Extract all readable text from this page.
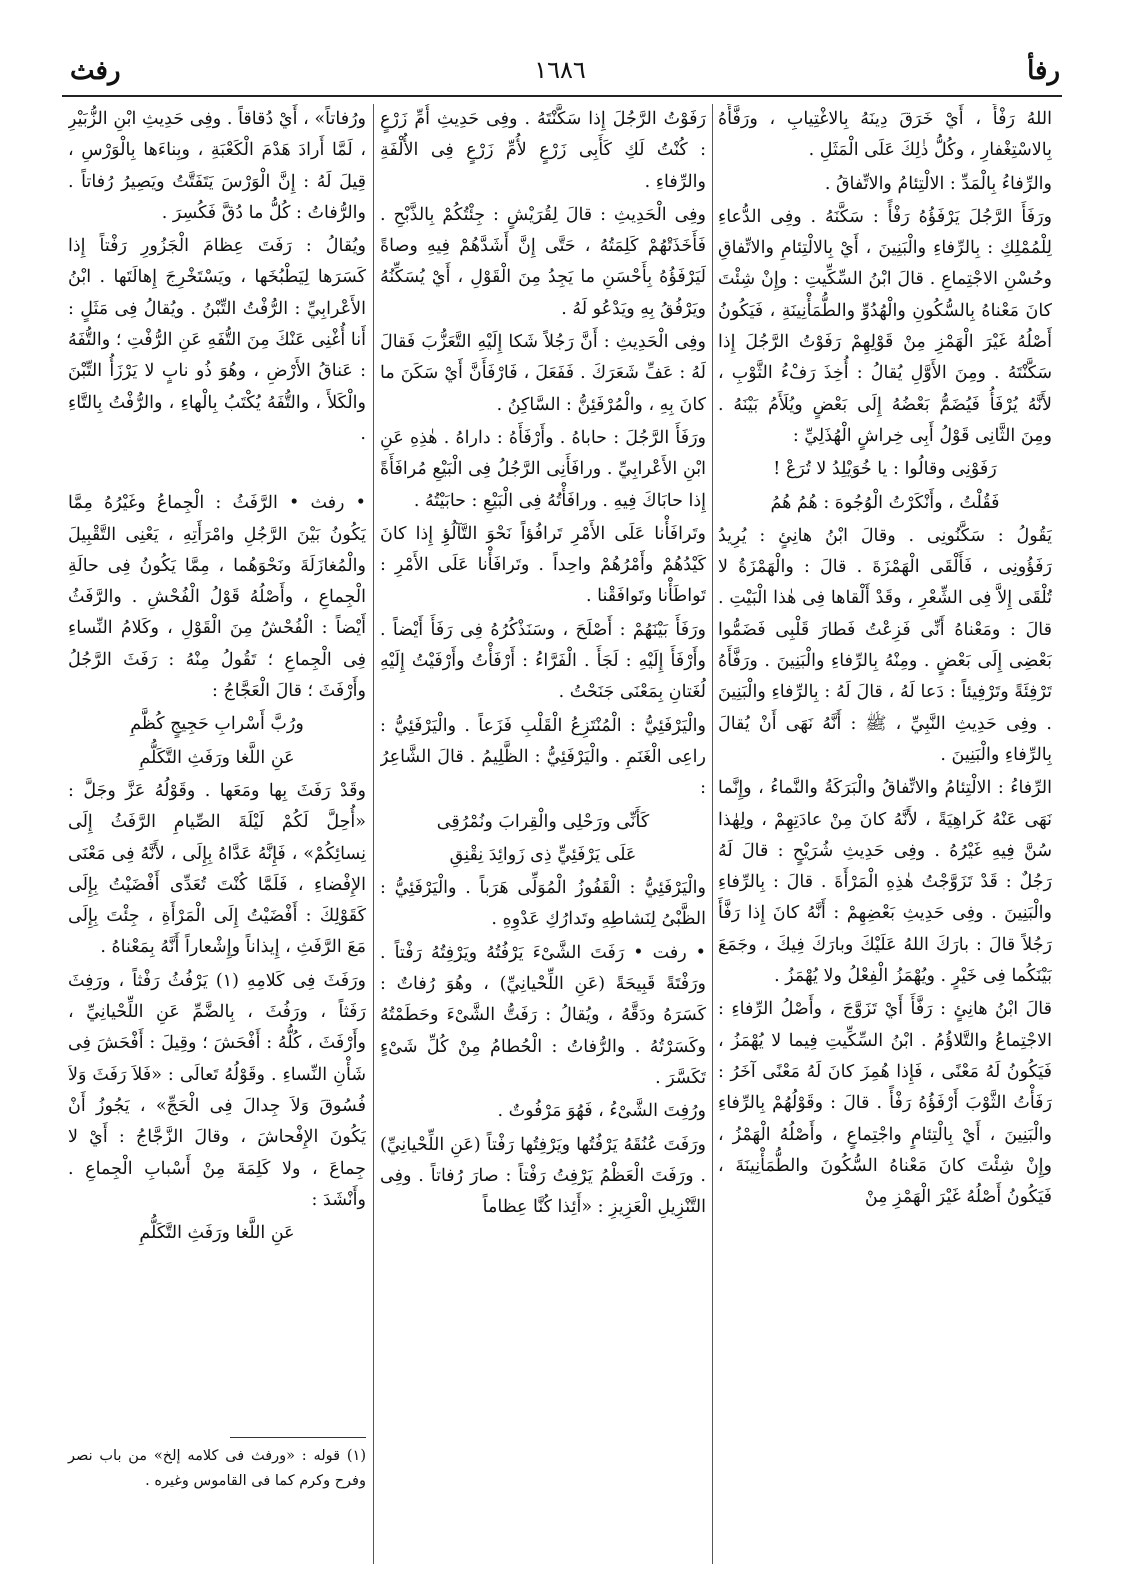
رفأ
١٦٨٦
رفث

اللهُ رَفْأً ، أَيْ خَرَقَ دِينَهُ بِالاغْتِيابِ ، ورَفَّأَهُ بِالاسْتِغْفارِ ، وكُلُّ ذٰلِكَ عَلَى الْمَثَلِ .

والرِّفاءُ بِالْمَدِّ : الالْتِئامُ والاتِّفاقُ .

ورَفَأَ الرَّجُلَ يَرْفَؤُهُ رَفْأً : سَكَّنَهُ . وفِى الدُّعاءِ لِلْمُمْلِكِ : بِالرِّفاءِ والْبَنِينَ ، أَيْ بِالالْتِئامِ والاتِّفاقِ وحُسْنِ الاجْتِماعِ . قالَ ابْنُ السِّكِّيتِ : وإِنْ شِئْتَ كانَ مَعْناهُ بِالسُّكُونِ والْهُدُوِّ والطُّمَأْنِينَةِ ، فَيَكُونُ أَصْلُهُ غَيْرَ الْهَمْزِ مِنْ قَوْلِهِمْ رَفَوْتُ الرَّجُلَ إِذا سَكَّنْتَهُ . ومِنَ الأَوَّلِ يُقالُ : أُخِذَ رَفْءُ الثَّوْبِ ، لأَنَّهُ يُرْفَأُ فَيُضَمُّ بَعْضُهُ إِلَى بَعْضٍ ويُلَأَمُ بَيْنَهُ . ومِنَ الثَّانِى قَوْلُ أَبِى خِراشٍ الْهُذَلِيِّ :

رَفَوْنِى وقالُوا : يا خُوَيْلِدُ لا تُرَعْ !

فَقُلْتُ ، وأَنْكَرْتُ الْوُجُوهَ : هُمُ هُمُ

يَقُولُ : سَكَّنُونِى . وقالَ ابْنُ هانِئٍ : يُرِيدُ رَفَؤُونِى ، فَأَلْقَى الْهَمْزَةَ . قالَ : والْهَمْزَةُ لا تُلْقَى إِلاَّ فِى الشِّعْرِ ، وقَدْ أَلْقاها فِى هٰذا الْبَيْتِ . قالَ : ومَعْناهُ أَنِّى فَزِعْتُ فَطارَ قَلْبِى فَضَمُّوا بَعْضِى إِلَى بَعْضٍ . ومِنْهُ بِالرِّفاءِ والْبَنِينَ . ورَفَّأَهُ تَرْفِئَةً وتَرْفِيئاً : دَعا لَهُ ، قالَ لَهُ : بِالرِّفاءِ والْبَنِينَ . وفِى حَدِيثِ النَّبِيِّ ، ﷺ : أَنَّهُ نَهَى أَنْ يُقالَ بِالرِّفاءِ والْبَنِينَ .

الرِّفاءُ : الالْتِئامُ والاتِّفاقُ والْبَرَكَةُ والنَّماءُ ، وإِنَّما نَهَى عَنْهُ كَراهِيَةً ، لأَنَّهُ كانَ مِنْ عادَتِهِمْ ، ولِهٰذا سُنَّ فِيهِ غَيْرُهُ . وفِى حَدِيثِ شُرَيْحٍ : قالَ لَهُ رَجُلٌ : قَدْ تَزَوَّجْتُ هٰذِهِ الْمَرْأَةَ . قالَ : بِالرِّفاءِ والْبَنِينَ . وفِى حَدِيثِ بَعْضِهِمْ : أَنَّهُ كانَ إِذا رَفَّأَ رَجُلاً قالَ : بارَكَ اللهُ عَلَيْكَ وبارَكَ فِيكَ ، وجَمَعَ بَيْنَكُما فِى خَيْرٍ . ويُهْمَزُ الْفِعْلُ ولا يُهْمَزُ .

قالَ ابْنُ هانِئٍ : رَفَّأَ أَيْ تَزَوَّجَ ، وأَصْلُ الرِّفاءِ : الاجْتِماعُ والتَّلاؤُمُ . ابْنُ السِّكِّيتِ فِيما لا يُهْمَزُ ، فَيَكُونُ لَهُ مَعْنًى ، فَإِذا هُمِزَ كانَ لَهُ مَعْنًى آخَرُ : رَفَأْتُ الثَّوْبَ أَرْفَؤُهُ رَفْأً . قالَ : وقَوْلُهُمْ بِالرِّفاءِ والْبَنِينَ ، أَيْ بِالْتِئامٍ واجْتِماعٍ ، وأَصْلُهُ الْهَمْزُ ، وإِنْ شِئْتَ كانَ مَعْناهُ السُّكُونَ والطُّمَأْنِينَةَ ، فَيَكُونُ أَصْلُهُ غَيْرَ الْهَمْزِ مِنْ

رَفَوْتُ الرَّجُلَ إِذا سَكَّنْتَهُ . وفِى حَدِيثِ أُمِّ زَرْعٍ : كُنْتُ لَكِ كَأَبِى زَرْعٍ لأُمِّ زَرْعٍ فِى الأُلْفَةِ والرِّفاءِ .

وفِى الْحَدِيثِ : قالَ لِقُرَيْشٍ : جِئْتُكُمْ بِالذَّبْحِ . فَأَخَذَتْهُمْ كَلِمَتُهُ ، حَتَّى إِنَّ أَشَدَّهُمْ فِيهِ وصاةً لَيَرْفَؤُهُ بِأَحْسَنِ ما يَجِدُ مِنَ الْقَوْلِ ، أَيْ يُسَكِّنُهُ ويَرْفُقُ بِهِ ويَدْعُو لَهُ .

وفِى الْحَدِيثِ : أَنَّ رَجُلاً شَكا إِلَيْهِ التَّعَزُّبَ فَقالَ لَهُ : عَفِّ شَعَرَكَ . فَفَعَلَ ، فَارْفَأَنَّ أَيْ سَكَنَ ما كانَ بِهِ ، والْمُرْفَئِنُّ : السَّاكِنُ .

ورَفَأَ الرَّجُلَ : حاباهُ . وأَرْفَأَهُ : داراهُ . هٰذِهِ عَنِ ابْنِ الأَعْرابِيِّ . ورافَأَنِى الرَّجُلُ فِى الْبَيْعِ مُرافَأَةً إِذا حابَاكَ فِيهِ . ورافَأْتُهُ فِى الْبَيْعِ : حابَيْتُهُ .

وتَرافَأْنا عَلَى الأَمْرِ تَرافُؤاً نَحْوَ التَّآلُؤِ إِذا كانَ كَيْدُهُمْ وأَمْرُهُمْ واحِداً . وتَرافَأْنا عَلَى الأَمْرِ : تَواطَأْنا وتَوافَقْنا .

ورَفَأَ بَيْنَهُمْ : أَصْلَحَ ، وسَنَذْكُرُهُ فِى رَفَأَ أَيْضاً . وأَرْفَأَ إِلَيْهِ : لَجَأَ . الْفَرَّاءُ : أَرْفَأْتُ وأَرْفَيْتُ إِلَيْهِ لُغَتانِ بِمَعْنَى جَنَحْتُ .

والْيَرْفَئِيُّ : الْمُنْتَزِعُ الْقَلْبِ فَزَعاً . والْيَرْفَئِيُّ : راعِى الْغَنَمِ . والْيَرْفَئِيُّ : الظَّلِيمُ . قالَ الشَّاعِرُ :

كَأَنِّى ورَحْلِى والْقِرابَ ونُمْرُقِى

عَلَى يَرْفَئِيٍّ ذِى زَوائِدَ نِقْنِقِ

والْيَرْفَئِيُّ : الْقَفُوزُ الْمُوَلِّى هَرَباً . والْيَرْفَئِيُّ : الظَّبْىُ لِنَشاطِهِ وتَدارُكِ عَدْوِهِ .

• رفت • رَفَتَ الشَّىْءَ يَرْفُتُهُ ويَرْفِتُهُ رَفْتاً . ورَفْتَةً قَبِيحَةً (عَنِ اللِّحْيانِيِّ) ، وهُوَ رُفاتٌ : كَسَرَهُ ودَقَّهُ ، ويُقالُ : رَفَتُّ الشَّىْءَ وحَطَمْتُهُ وكَسَرْتُهُ . والرُّفاتُ : الْحُطامُ مِنْ كُلِّ شَىْءٍ تَكَسَّرَ .

ورُفِتَ الشَّىْءُ ، فَهُوَ مَرْفُوتٌ .

ورَفَتَ عُنُقَهُ يَرْفُتُها ويَرْفِتُها رَفْتاً (عَنِ اللِّحْيانِيِّ) . ورَفَتَ الْعَظْمُ يَرْفِتُ رَفْتاً : صارَ رُفاتاً . وفِى التَّنْزِيلِ الْعَزِيزِ : «أَئِذا كُنَّا عِظاماً

ورُفاتاً» ، أَيْ دُقاقاً . وفِى حَدِيثِ ابْنِ الزُّبَيْرِ ، لَمَّا أَرادَ هَدْمَ الْكَعْبَةِ ، وبِناءَها بِالْوَرْسِ ، قِيلَ لَهُ : إِنَّ الْوَرْسَ يَتَفَتَّتُ ويَصِيرُ رُفاتاً . والرُّفاتُ : كُلُّ ما دُقَّ فَكُسِرَ .

ويُقالُ : رَفَتَ عِظامَ الْجَزُورِ رَفْتاً إِذا كَسَرَها لِيَطْبُخَها ، ويَسْتَخْرِجَ إِهالَتَها . ابْنُ الأَعْرابِيِّ : الرُّفْتُ التِّبْنُ . ويُقالُ فِى مَثَلٍ : أَنا أُغْنِى عَنْكَ مِنَ التُّفَهِ عَنِ الرُّفْتِ ؛ والتُّفَهُ : عَناقُ الأَرْضِ ، وهُوَ ذُو نابٍ لا يَرْزَأُ التِّبْنَ والْكَلأَ ، والتُّفَهُ يُكْتَبُ بِالْهاءِ ، والرُّفْتُ بِالتَّاءِ .

• رفث • الرَّفَثُ : الْجِماعُ وغَيْرُهُ مِمَّا يَكُونُ بَيْنَ الرَّجُلِ وامْرَأَتِهِ ، يَعْنِى التَّقْبِيلَ والْمُغازَلَةَ ونَحْوَهُما ، مِمَّا يَكُونُ فِى حالَةِ الْجِماعِ ، وأَصْلُهُ قَوْلُ الْفُحْشِ . والرَّفَثُ أَيْضاً : الْفُحْشُ مِنَ الْقَوْلِ ، وكَلامُ النِّساءِ فِى الْجِماعِ ؛ تَقُولُ مِنْهُ : رَفَثَ الرَّجُلُ وأَرْفَثَ ؛ قالَ الْعَجَّاجُ :

ورُبَّ أَسْرابِ حَجِيجٍ كُظَّمِ

عَنِ اللَّغا ورَفَثِ التَّكَلُّمِ

وقَدْ رَفَثَ بِها ومَعَها . وقَوْلُهُ عَزَّ وجَلَّ : «أُحِلَّ لَكُمْ لَيْلَةَ الصِّيامِ الرَّفَثُ إِلَى نِسائِكُمْ» ، فَإِنَّهُ عَدَّاهُ بِإِلَى ، لأَنَّهُ فِى مَعْنَى الإِفْضاءِ ، فَلَمَّا كُنْتَ تُعَدِّى أَفْضَيْتُ بِإِلَى كَقَوْلِكَ : أَفْضَيْتُ إِلَى الْمَرْأَةِ ، جِئْتَ بِإِلَى مَعَ الرَّفَثِ ، إِيذاناً وإِشْعاراً أَنَّهُ بِمَعْناهُ .

ورَفَثَ فِى كَلامِهِ (١) يَرْفُثُ رَفْثاً ، ورَفِثَ رَفَثاً ، ورَفُثَ ، بِالضَّمِّ عَنِ اللِّحْيانِيِّ ، وأَرْفَثَ ، كُلُّهُ : أَفْحَشَ ؛ وقِيلَ : أَفْحَشَ فِى شَأْنِ النِّساءِ . وقَوْلُهُ تَعالَى : «فَلاَ رَفَثَ وَلاَ فُسُوقَ وَلاَ جِدالَ فِى الْحَجِّ» ، يَجُوزُ أَنْ يَكُونَ الإِفْحاشَ ، وقالَ الزَّجَّاجُ : أَيْ لا جِماعَ ، ولا كَلِمَةَ مِنْ أَسْبابِ الْجِماعِ . وأَنْشَدَ :

عَنِ اللَّغا ورَفَثِ التَّكَلُّمِ

(١) قوله : «ورفث فى كلامه إلخ» من باب نصر وفرح وكرم كما فى القاموس وغيره .
